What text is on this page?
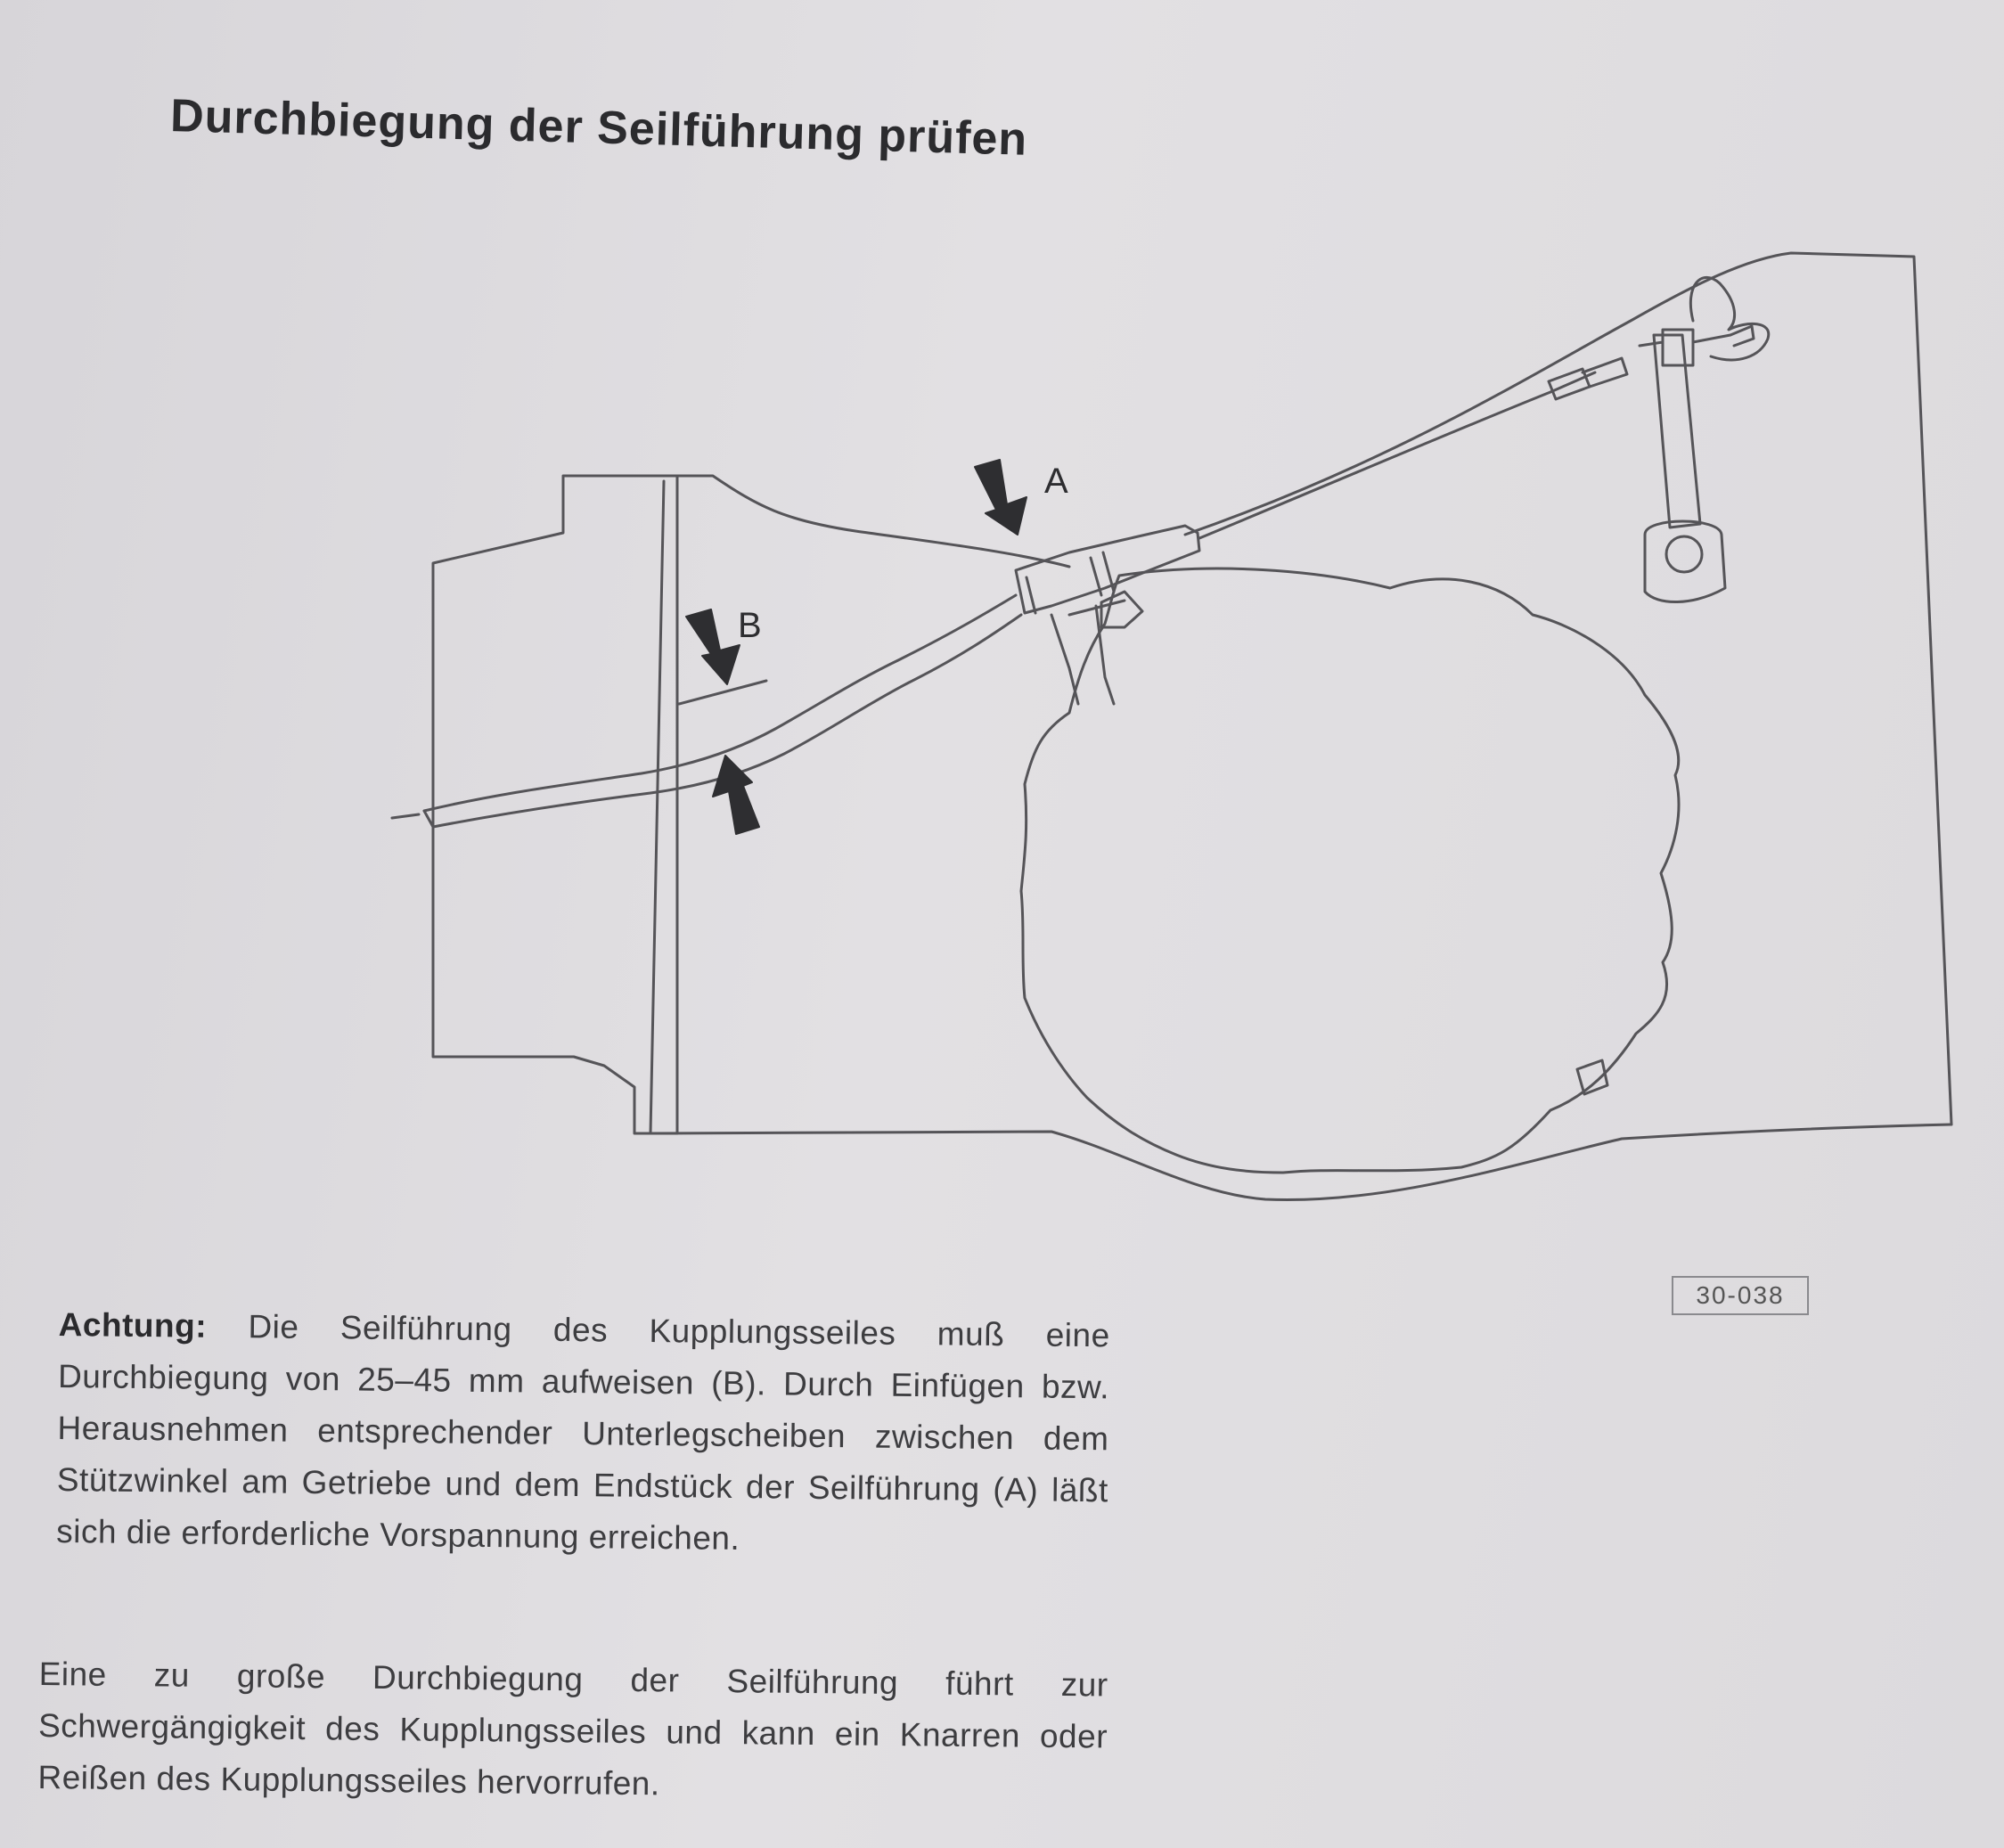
Durchbiegung der Seilführung prüfen
A
B
30-038
Achtung: Die Seilführung des Kupplungsseiles muß eine Durchbiegung von 25–45 mm aufweisen (B). Durch Einfügen bzw. Herausnehmen entsprechender Unterlegscheiben zwischen dem Stützwinkel am Getriebe und dem Endstück der Seilführung (A) läßt sich die erforderliche Vorspannung erreichen.
Eine zu große Durchbiegung der Seilführung führt zur Schwergängigkeit des Kupplungsseiles und kann ein Knarren oder Reißen des Kupplungsseiles hervorrufen.
